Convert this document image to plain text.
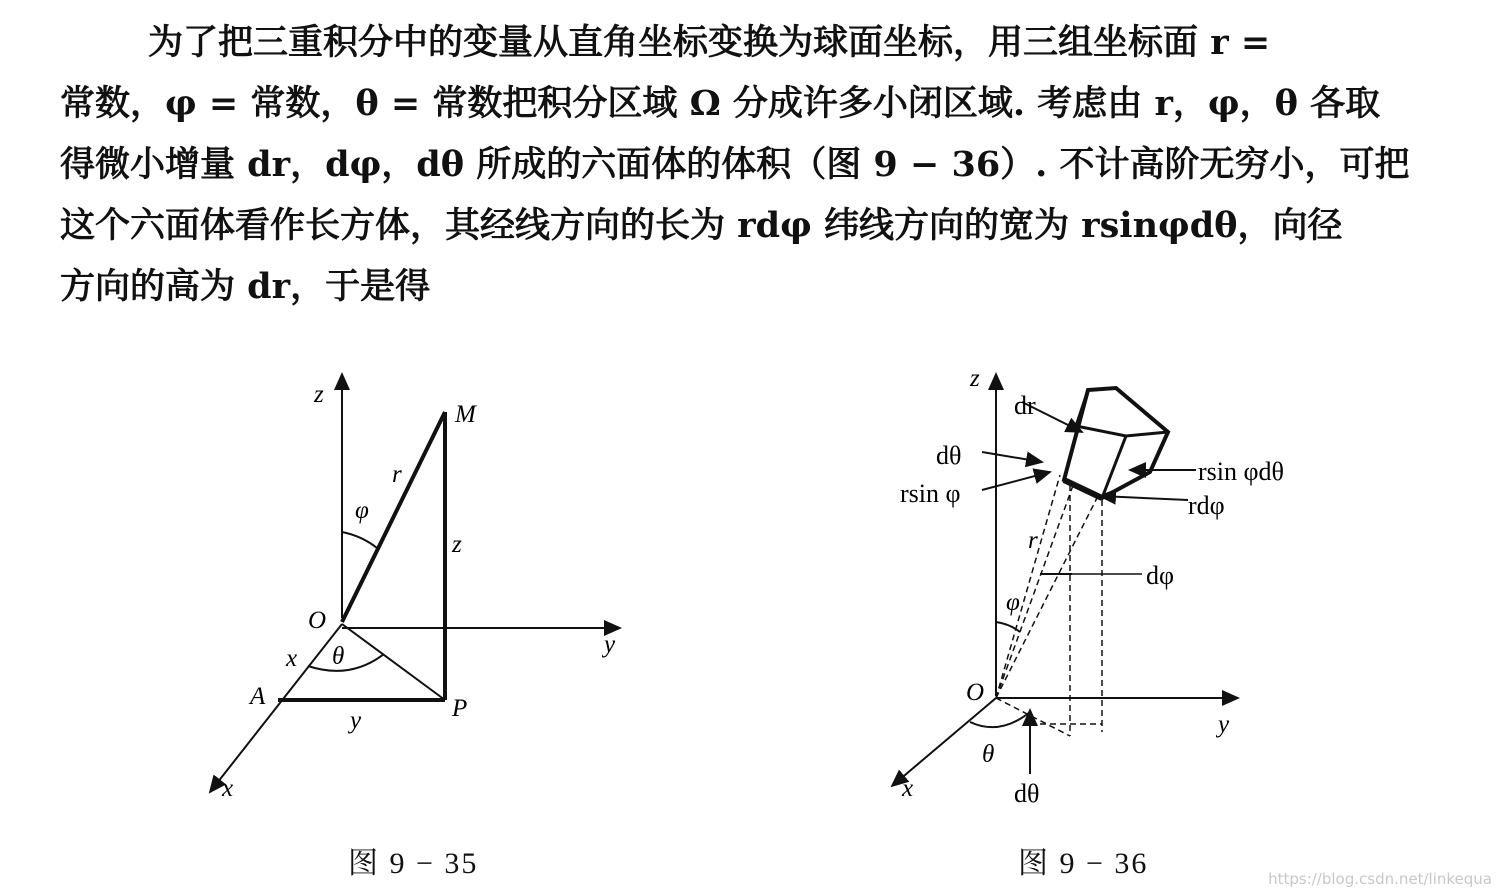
为了把三重积分中的变量从直角坐标变换为球面坐标，用三组坐标面 r =
常数，φ = 常数，θ = 常数把积分区域 Ω 分成许多小闭区域. 考虑由 r，φ，θ 各取
得微小增量 dr，dφ，dθ 所成的六面体的体积（图 9 − 36）. 不计高阶无穷小，可把
这个六面体看作长方体，其经线方向的长为 rdφ 纬线方向的宽为 rsinφdθ，向径
方向的高为 dr，于是得
z
M
r
φ
z
O
y
x θ
A	P
y
x
图 9 − 35
z
dr
dθ
rsin φ
rsin φdθ
rdφ
r
dφ
φ
O
y
θ
x	dθ
图 9 − 36	https://blog.csdn.net/linkequa
